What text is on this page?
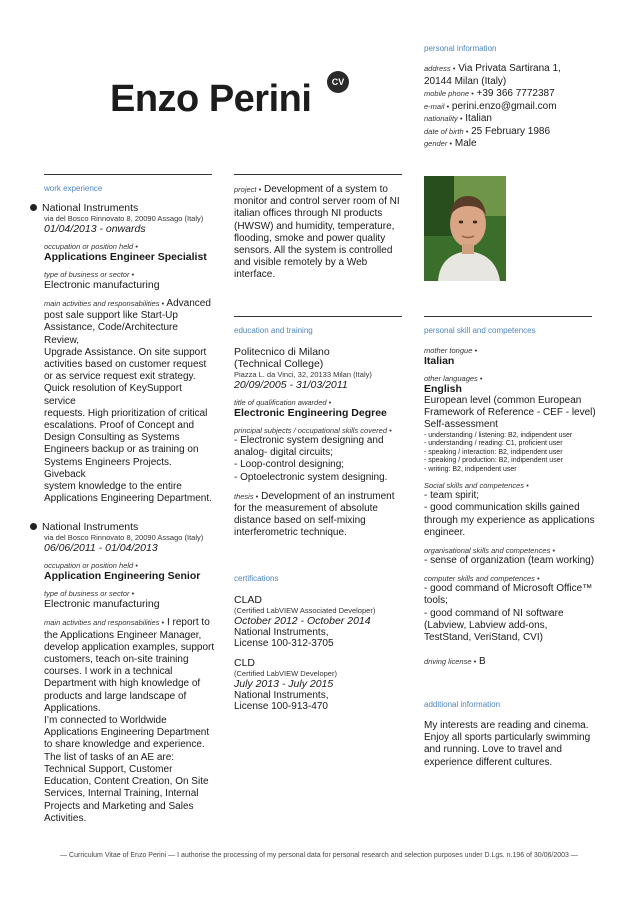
Enzo Perini	CV
personal information
address • Via Privata Sartirana 1,
20144 Milan (Italy)
mobile phone • +39 366 7772387
e-mail • perini.enzo@gmail.com
nationality • Italian
date of birth • 25 February 1986
gender • Male
work experience
National Instruments
via del Bosco Rinnovato 8, 20090 Assago (Italy)
01/04/2013 - onwards
occupation or position held •
Applications Engineer Specialist
type of business or sector •
Electronic manufacturing
main activities and responsabilities • Advanced
post sale support like Start-Up
Assistance, Code/Architecture Review,
Upgrade Assistance. On site support
activities based on customer request
or as service request exit strategy.
Quick resolution of KeySupport service
requests. High prioritization of critical
escalations. Proof of Concept and
Design Consulting as Systems
Engineers backup or as training on
Systems Engineers Projects. Giveback
system knowledge to the entire
Applications Engineering Department.
National Instruments
via del Bosco Rinnovato 8, 20090 Assago (Italy)
06/06/2011 - 01/04/2013
occupation or position held •
Application Engineering Senior
type of business or sector •
Electronic manufacturing
main activities and responsabilities • I report to
the Applications Engineer Manager,
develop application examples, support
customers, teach on-site training
courses. I work in a technical
Department with high knowledge of
products and large landscape of
Applications.
I’m connected to Worldwide
Applications Engineering Department
to share knowledge and experience.
The list of tasks of an AE are:
Technical Support, Customer
Education, Content Creation, On Site
Services, Internal Training, Internal
Projects and Marketing and Sales
Activities.
project • Development of a system to
monitor and control server room of NI
italian offices through NI products
(HWSW) and humidity, temperature,
flooding, smoke and power quality
sensors. All the system is controlled
and visible remotely by a Web
interface.
education and training
Politecnico di Milano
(Technical College)
Piazza L. da Vinci, 32, 20133 Milan (Italy)
20/09/2005 - 31/03/2011
title of qualification awarded •
Electronic Engineering Degree
principal subjects / occupational skills covered •
- Electronic system designing and
analog- digital circuits;
- Loop-control designing;
- Optoelectronic system designing.
thesis • Development of an instrument
for the measurement of absolute
distance based on self-mixing
interferometric technique.
certifications
CLAD
(Certified LabVIEW Associated Developer)
October 2012 - October 2014
National Instruments,
License 100-312-3705
CLD
(Certified LabVIEW Developer)
July 2013 - July 2015
National Instruments,
License 100-913-470
personal skill and competences
mother tongue •
Italian
other languages •
English
European level (common European
Framework of Reference - CEF - level)
Self-assessment
- understanding / listening: B2, indipendent user
- understanding / reading: C1, proficient user
- speaking / interaction: B2, indipendent user
- speaking / production: B2, indipendent user
- writing: B2, indipendent user
Social skills and competences •
- team spirit;
- good communication skills gained
through my experience as applications
engineer.
organisational skills and competences •
- sense of organization (team working)
computer skills and competences •
- good command of Microsoft Office™
tools;
- good command of NI software
(Labview, Labview add-ons,
TestStand, VeriStand, CVI)
driving license • B
additional information
My interests are reading and cinema.
Enjoy all sports particularly swimming
and running. Love to travel and
experience different cultures.
— Curriculum Vitae of Enzo Perini — I authorise the processing of my personal data for personal research and selection purposes under D.Lgs. n.196 of 30/06/2003 —
